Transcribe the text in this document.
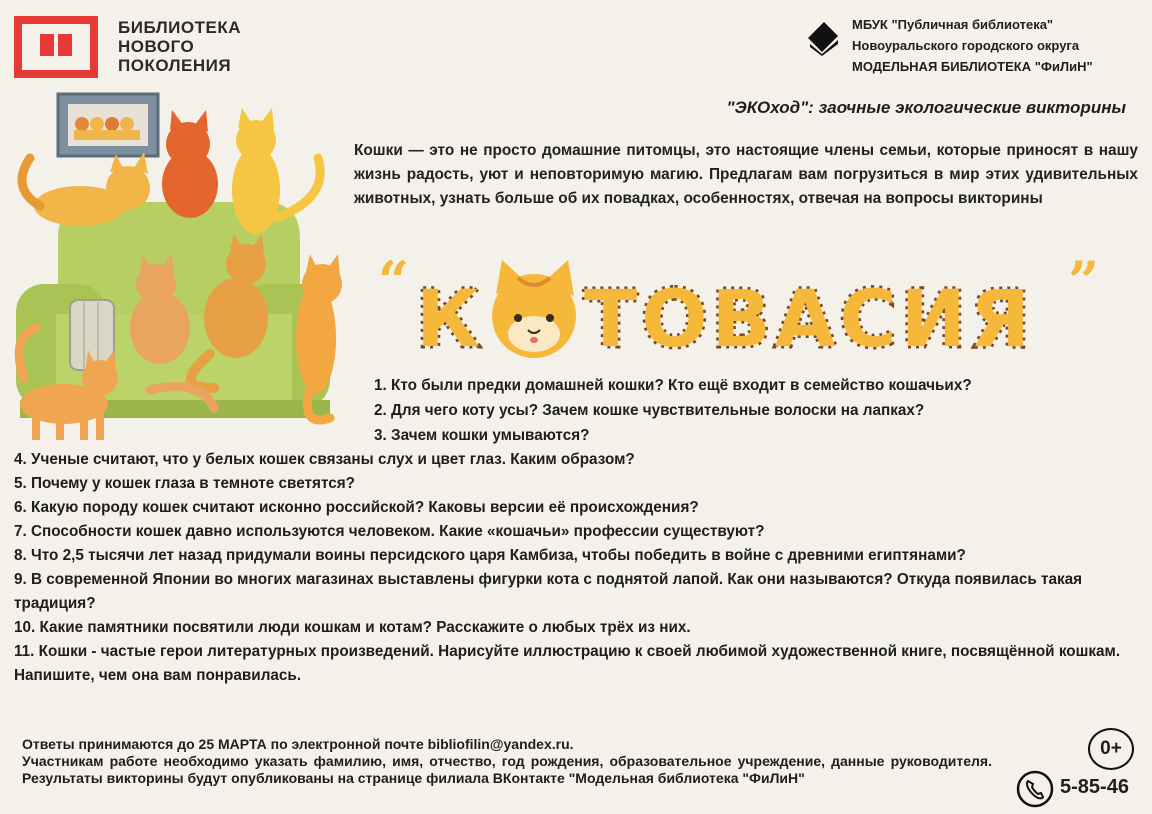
БИБЛИОТЕКА
НОВОГО
ПОКОЛЕНИЯ
МБУК "Публичная библиотека"
Новоуральского городского округа
МОДЕЛЬНАЯ БИБЛИОТЕКА "ФиЛиН"
"ЭКОход": заочные экологические викторины
Кошки — это не просто домашние питомцы, это настоящие члены семьи, которые приносят в нашу жизнь радость, уют и неповторимую магию. Предлагам вам погрузиться в мир этих удивительных животных, узнать больше об их повадках, особенностях, отвечая на вопросы викторины
“ К ТОВАСИЯ ”
1. Кто были предки домашней кошки? Кто ещё входит в семейство кошачьих?
2. Для чего коту усы? Зачем кошке чувствительные волоски на лапках?
3. Зачем кошки умываются?

4. Ученые считают, что у белых кошек связаны слух и цвет глаз. Каким образом?

5. Почему у кошек глаза в темноте светятся?

6. Какую породу кошек считают исконно российской? Каковы версии её происхождения?

7. Способности кошек давно используются человеком. Какие «кошачьи» профессии существуют?

8. Что 2,5 тысячи лет назад придумали воины персидского царя Камбиза, чтобы победить в войне с древними египтянами?

9. В современной Японии во многих магазинах выставлены фигурки кота с поднятой лапой. Как они называются? Откуда появилась такая традиция?

10. Какие памятники посвятили люди кошкам и котам? Расскажите о любых трёх из них.

11. Кошки - частые герои литературных произведений. Нарисуйте иллюстрацию к своей любимой художественной книге, посвящённой кошкам. Напишите, чем она вам понравилась.

Ответы принимаются до 25 МАРТА по электронной почте bibliofilin@yandex.ru.
Участникам работе необходимо указать фамилию, имя, отчество, год рождения, образовательное учреждение, данные руководителя. Результаты викторины будут опубликованы на странице филиала ВКонтакте "Модельная библиотека "ФиЛиН"
0+
5-85-46
